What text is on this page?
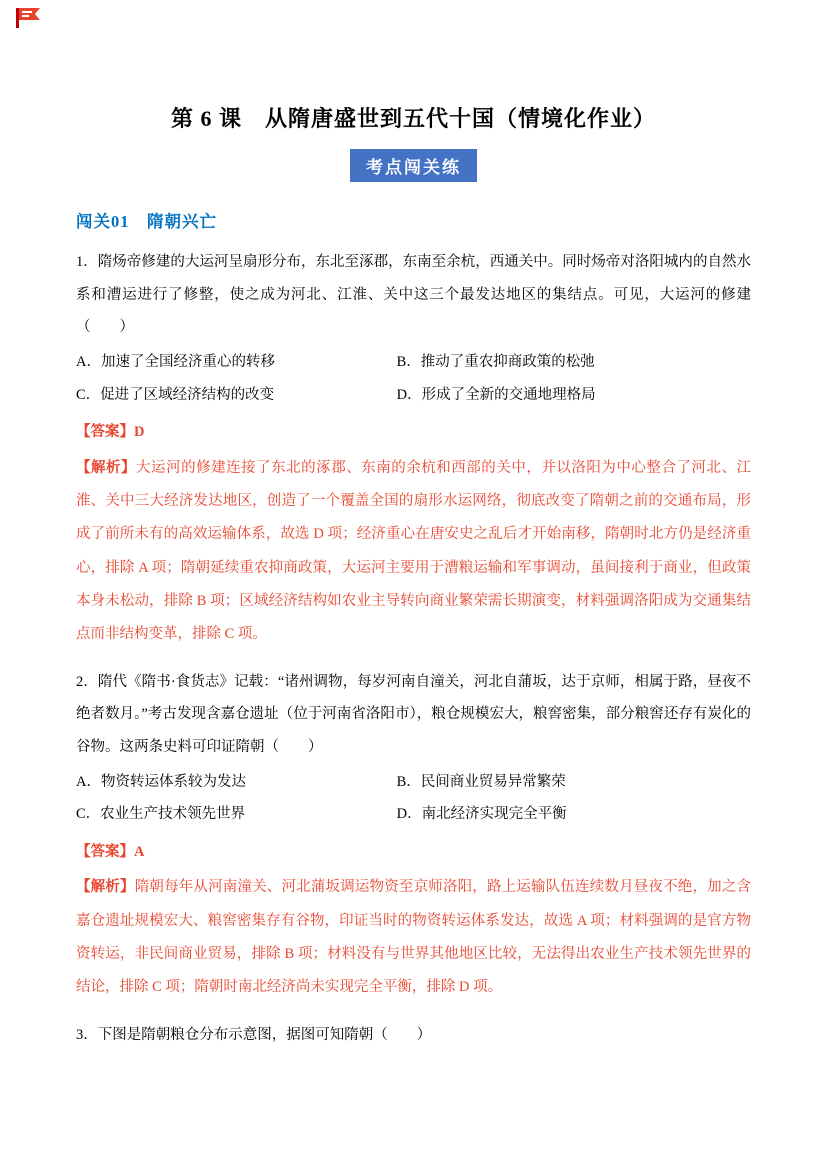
第 6 课　从隋唐盛世到五代十国（情境化作业）
考点闯关练
闯关01　隋朝兴亡

1．隋炀帝修建的大运河呈扇形分布，东北至涿郡，东南至余杭，西通关中。同时炀帝对洛阳城内的自然水系和漕运进行了修整，使之成为河北、江淮、关中这三个最发达地区的集结点。可见，大运河的修建（　　）

A．加速了全国经济重心的转移	B．推动了重农抑商政策的松弛
C．促进了区域经济结构的改变	D．形成了全新的交通地理格局

【答案】D

【解析】大运河的修建连接了东北的涿郡、东南的余杭和西部的关中，并以洛阳为中心整合了河北、江淮、关中三大经济发达地区，创造了一个覆盖全国的扇形水运网络，彻底改变了隋朝之前的交通布局，形成了前所未有的高效运输体系，故选 D 项；经济重心在唐安史之乱后才开始南移，隋朝时北方仍是经济重心，排除 A 项；隋朝延续重农抑商政策，大运河主要用于漕粮运输和军事调动，虽间接利于商业，但政策本身未松动，排除 B 项；区域经济结构如农业主导转向商业繁荣需长期演变，材料强调洛阳成为交通集结点而非结构变革，排除 C 项。

2．隋代《隋书·食货志》记载：“诸州调物，每岁河南自潼关，河北自蒲坂，达于京师，相属于路，昼夜不绝者数月。”考古发现含嘉仓遗址（位于河南省洛阳市），粮仓规模宏大，粮窖密集，部分粮窖还存有炭化的谷物。这两条史料可印证隋朝（　　）

A．物资转运体系较为发达	B．民间商业贸易异常繁荣
C．农业生产技术领先世界	D．南北经济实现完全平衡

【答案】A

【解析】隋朝每年从河南潼关、河北蒲坂调运物资至京师洛阳，路上运输队伍连续数月昼夜不绝，加之含嘉仓遗址规模宏大、粮窖密集存有谷物，印证当时的物资转运体系发达，故选 A 项；材料强调的是官方物资转运，非民间商业贸易，排除 B 项；材料没有与世界其他地区比较，无法得出农业生产技术领先世界的结论，排除 C 项；隋朝时南北经济尚未实现完全平衡，排除 D 项。

3．下图是隋朝粮仓分布示意图，据图可知隋朝（　　）
